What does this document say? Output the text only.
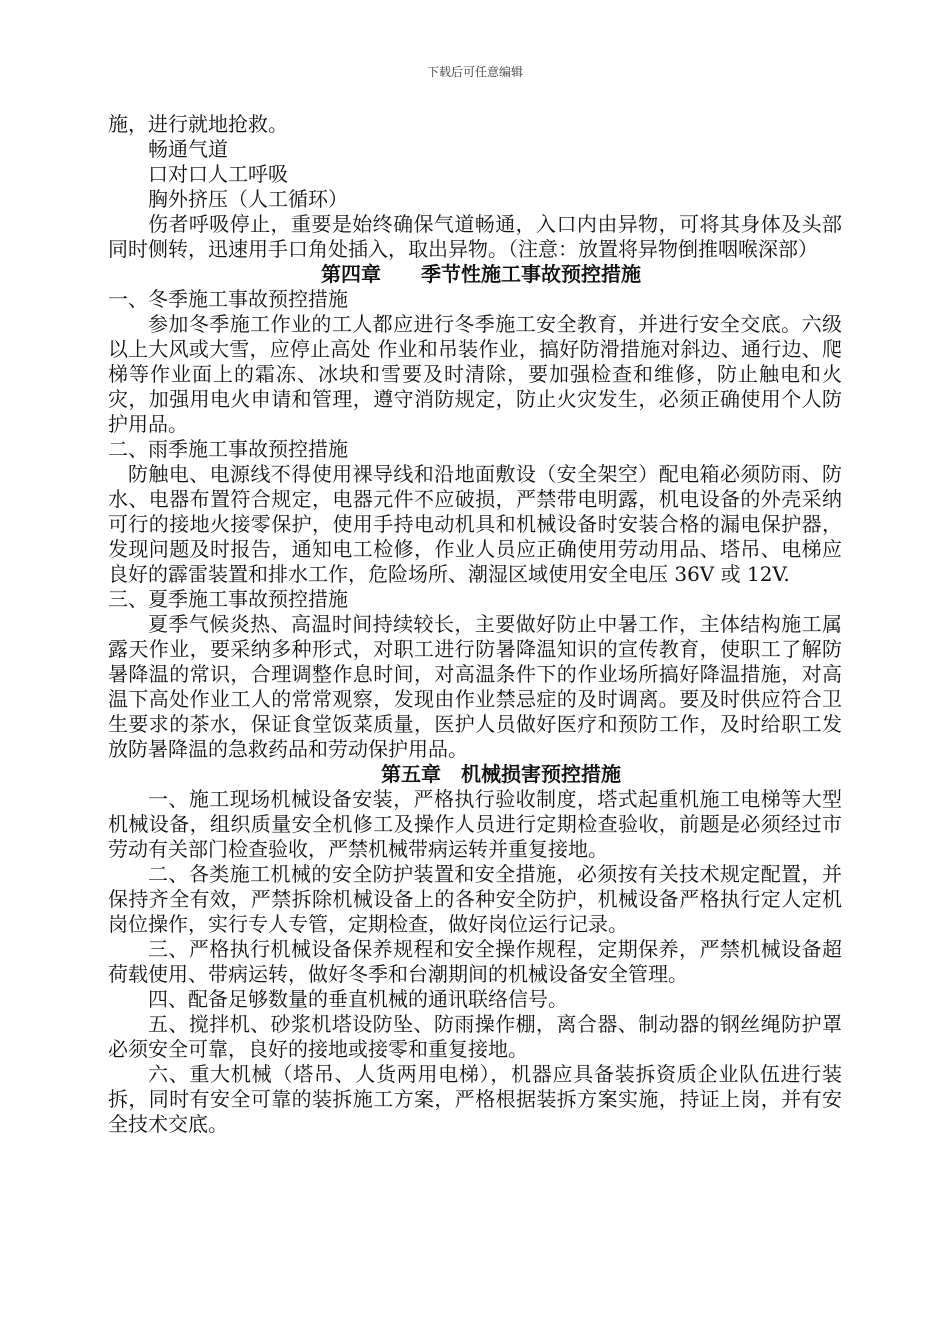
下载后可任意编辑

施，进行就地抢救。

畅通气道

口对口人工呼吸

胸外挤压（人工循环）

伤者呼吸停止，重要是始终确保气道畅通，入口内由异物，可将其身体及头部同时侧转，迅速用手口角处插入，取出异物。（注意：放置将异物倒推咽喉深部）

第四章　　季节性施工事故预控措施

一、冬季施工事故预控措施

参加冬季施工作业的工人都应进行冬季施工安全教育，并进行安全交底。六级以上大风或大雪，应停止高处 作业和吊装作业，搞好防滑措施对斜边、通行边、爬梯等作业面上的霜冻、冰块和雪要及时清除，要加强检查和维修，防止触电和火灾，加强用电火申请和管理，遵守消防规定，防止火灾发生，必须正确使用个人防护用品。

二、雨季施工事故预控措施

防触电、电源线不得使用裸导线和沿地面敷设（安全架空）配电箱必须防雨、防水、电器布置符合规定，电器元件不应破损，严禁带电明露，机电设备的外壳采纳可行的接地火接零保护，使用手持电动机具和机械设备时安装合格的漏电保护器，发现问题及时报告，通知电工检修，作业人员应正确使用劳动用品、塔吊、电梯应良好的霹雷装置和排水工作，危险场所、潮湿区域使用安全电压 36V 或 12V.

三、夏季施工事故预控措施

夏季气候炎热、高温时间持续较长，主要做好防止中暑工作，主体结构施工属露天作业，要采纳多种形式，对职工进行防暑降温知识的宣传教育，使职工了解防暑降温的常识，合理调整作息时间，对高温条件下的作业场所搞好降温措施，对高温下高处作业工人的常常观察，发现由作业禁忌症的及时调离。要及时供应符合卫生要求的茶水，保证食堂饭菜质量，医护人员做好医疗和预防工作，及时给职工发放防暑降温的急救药品和劳动保护用品。

第五章　机械损害预控措施

一、施工现场机械设备安装，严格执行验收制度，塔式起重机施工电梯等大型机械设备，组织质量安全机修工及操作人员进行定期检查验收，前题是必须经过市劳动有关部门检查验收，严禁机械带病运转并重复接地。

二、各类施工机械的安全防护装置和安全措施，必须按有关技术规定配置，并保持齐全有效，严禁拆除机械设备上的各种安全防护，机械设备严格执行定人定机岗位操作，实行专人专管，定期检查，做好岗位运行记录。

三、严格执行机械设备保养规程和安全操作规程，定期保养，严禁机械设备超荷载使用、带病运转，做好冬季和台潮期间的机械设备安全管理。

四、配备足够数量的垂直机械的通讯联络信号。

五、搅拌机、砂浆机塔设防坠、防雨操作棚，离合器、制动器的钢丝绳防护罩必须安全可靠，良好的接地或接零和重复接地。

六、重大机械（塔吊、人货两用电梯），机器应具备装拆资质企业队伍进行装拆，同时有安全可靠的装拆施工方案，严格根据装拆方案实施，持证上岗，并有安全技术交底。
